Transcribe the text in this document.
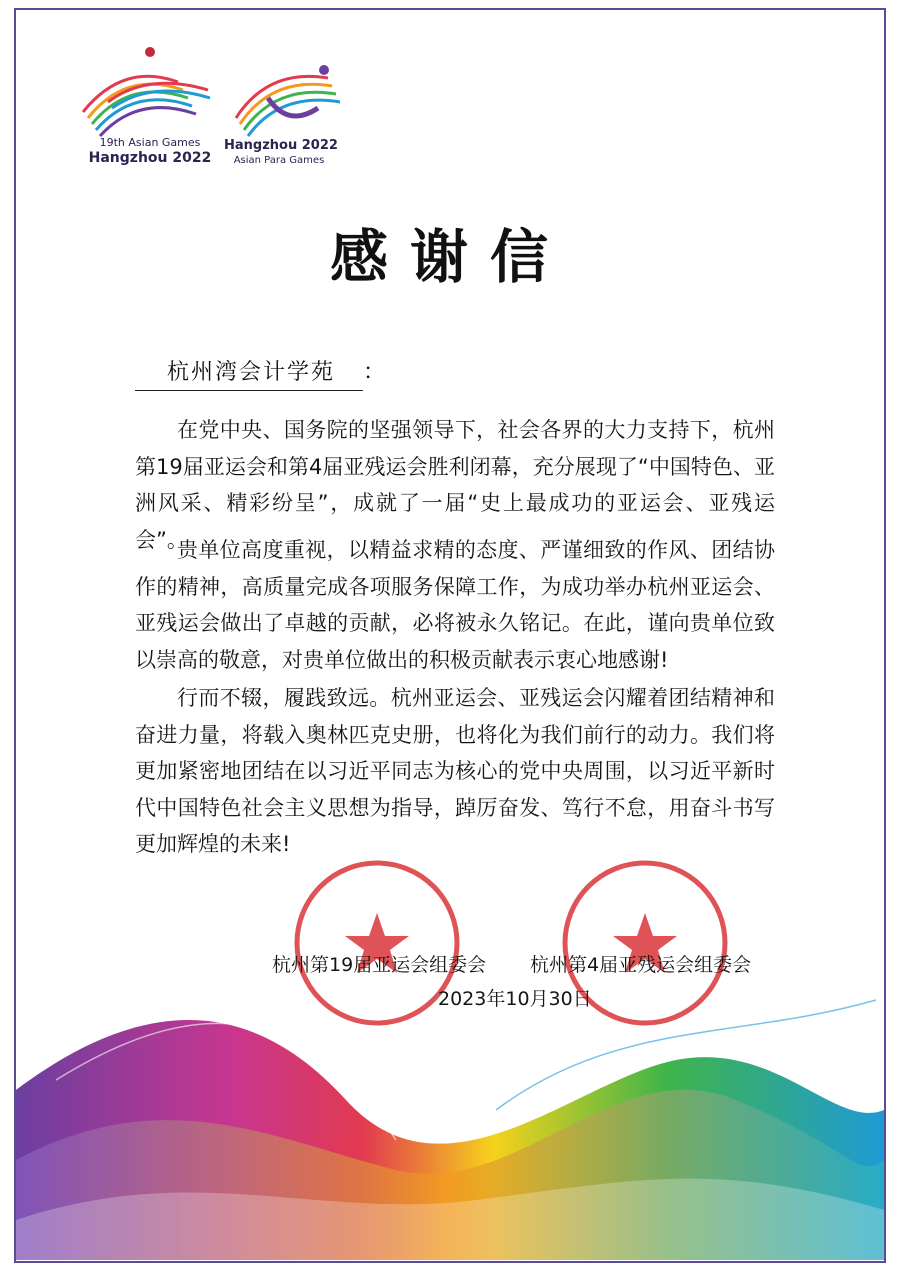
19th Asian Games
Hangzhou 2022
Hangzhou 2022
Asian Para Games
感谢信
杭州湾会计学苑 ：
在党中央、国务院的坚强领导下，社会各界的大力支持下，杭州第19届亚运会和第4届亚残运会胜利闭幕，充分展现了“中国特色、亚洲风采、精彩纷呈”，成就了一届“史上最成功的亚运会、亚残运会”。
贵单位高度重视，以精益求精的态度、严谨细致的作风、团结协作的精神，高质量完成各项服务保障工作，为成功举办杭州亚运会、亚残运会做出了卓越的贡献，必将被永久铭记。在此，谨向贵单位致以崇高的敬意，对贵单位做出的积极贡献表示衷心地感谢!
行而不辍，履践致远。杭州亚运会、亚残运会闪耀着团结精神和奋进力量，将载入奥林匹克史册，也将化为我们前行的动力。我们将更加紧密地团结在以习近平同志为核心的党中央周围，以习近平新时代中国特色社会主义思想为指导，踔厉奋发、笃行不怠，用奋斗书写更加辉煌的未来!
杭州第19届亚运会组委会 杭州第4届亚残运会组委会
2023年10月30日
